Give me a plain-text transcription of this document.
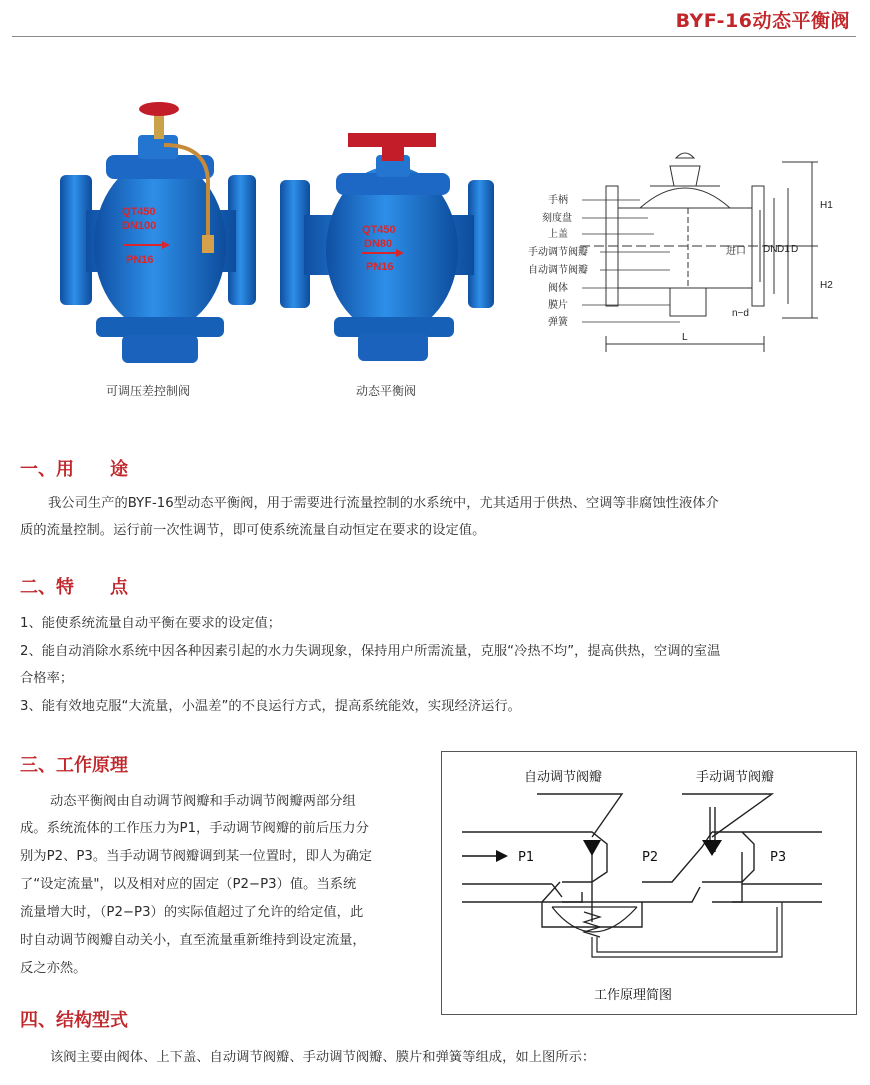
BYF-16动态平衡阀
QT450
DN100
PN16
可调压差控制阀
QT450
DN80
PN16
动态平衡阀
手柄
刻度盘
上盖
手动调节阀瓣
自动调节阀瓣
阀体
膜片
弹簧
H1
H2
DN D1 D
进口
n−d
L
一、用　　途
我公司生产的BYF-16型动态平衡阀，用于需要进行流量控制的水系统中，尤其适用于供热、空调等非腐蚀性液体介
质的流量控制。运行前一次性调节，即可使系统流量自动恒定在要求的设定值。
二、特　　点
1、能使系统流量自动平衡在要求的设定值；
2、能自动消除水系统中因各种因素引起的水力失调现象，保持用户所需流量，克服“冷热不均”，提高供热，空调的室温
合格率；
3、能有效地克服“大流量，小温差”的不良运行方式，提高系统能效，实现经济运行。
三、工作原理
动态平衡阀由自动调节阀瓣和手动调节阀瓣两部分组
成。系统流体的工作压力为P1，手动调节阀瓣的前后压力分
别为P2、P3。当手动调节阀瓣调到某一位置时，即人为确定
了“设定流量"，以及相对应的固定（P2−P3）值。当系统
流量增大时，（P2−P3）的实际值超过了允许的给定值，此
时自动调节阀瓣自动关小，直至流量重新维持到设定流量，
反之亦然。
自动调节阀瓣	手动调节阀瓣
P1	P2	P3
工作原理简图
四、结构型式
该阀主要由阀体、上下盖、自动调节阀瓣、手动调节阀瓣、膜片和弹簧等组成，如上图所示：
